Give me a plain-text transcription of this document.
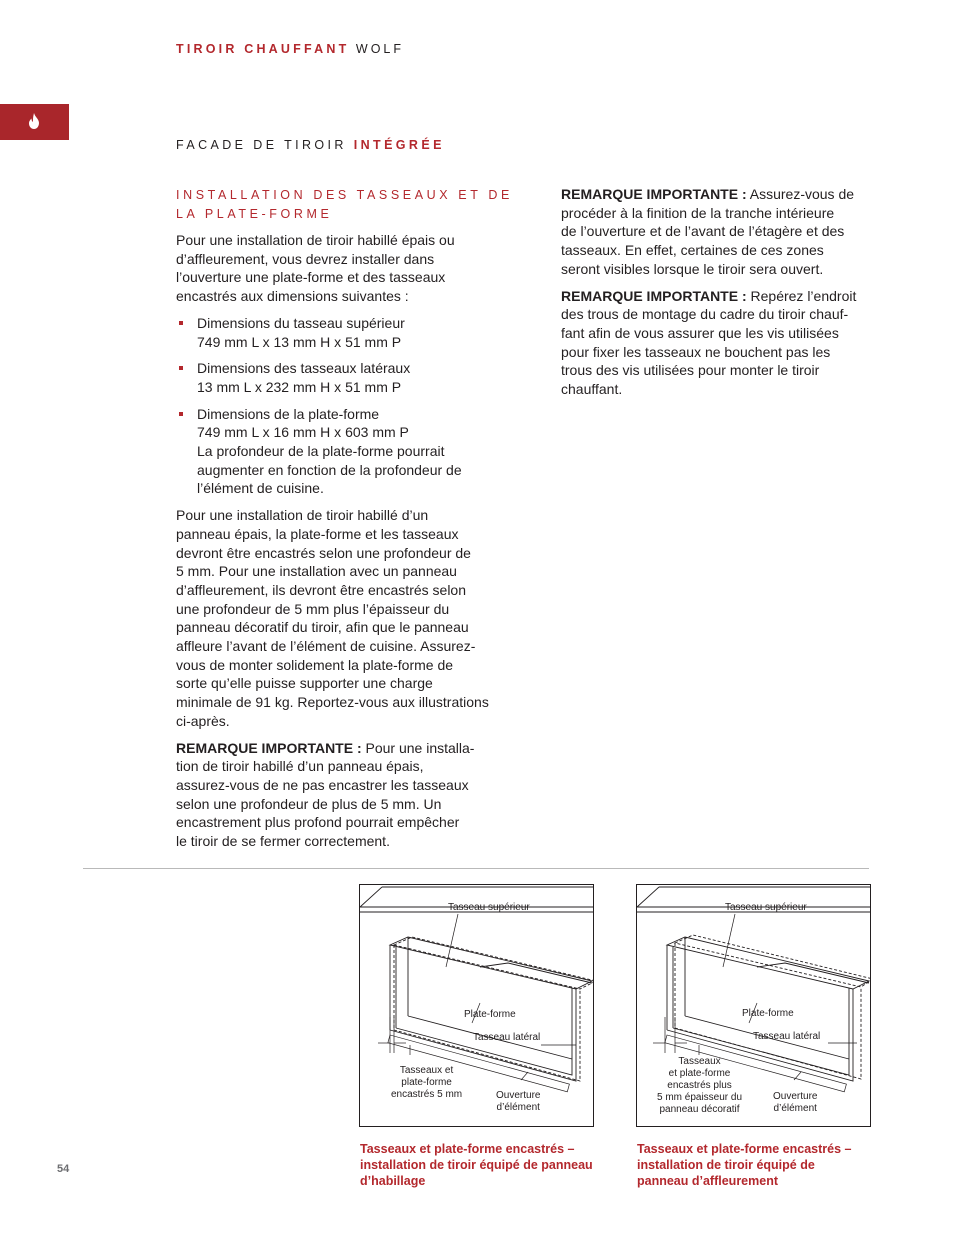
TIROIR CHAUFFANT WOLF
FACADE DE TIROIR INTÉGRÉE
INSTALLATION DES TASSEAUX ET DE
LA PLATE-FORME

Pour une installation de tiroir habillé épais ou
d’affleurement, vous devrez installer dans
l’ouverture une plate-forme et des tasseaux
encastrés aux dimensions suivantes :

Dimensions du tasseau supérieur
749 mm L x 13 mm H x 51 mm P
Dimensions des tasseaux latéraux
13 mm L x 232 mm H x 51 mm P
Dimensions de la plate-forme
749 mm L x 16 mm H x 603 mm P
La profondeur de la plate-forme pourrait
augmenter en fonction de la profondeur de
l’élément de cuisine.

Pour une installation de tiroir habillé d’un
panneau épais, la plate-forme et les tasseaux
devront être encastrés selon une profondeur de
5 mm. Pour une installation avec un panneau
d’affleurement, ils devront être encastrés selon
une profondeur de 5 mm plus l’épaisseur du
panneau décoratif du tiroir, afin que le panneau
affleure l’avant de l’élément de cuisine. Assurez-
vous de monter solidement la plate-forme de
sorte qu’elle puisse supporter une charge
minimale de 91 kg. Reportez-vous aux illustrations
ci-après.

REMARQUE IMPORTANTE : Pour une installa-
tion de tiroir habillé d’un panneau épais,
assurez-vous de ne pas encastrer les tasseaux
selon une profondeur de plus de 5 mm. Un
encastrement plus profond pourrait empêcher
le tiroir de se fermer correctement.

REMARQUE IMPORTANTE : Assurez-vous de
procéder à la finition de la tranche intérieure
de l’ouverture et de l’avant de l’étagère et des
tasseaux. En effet, certaines de ces zones
seront visibles lorsque le tiroir sera ouvert.

REMARQUE IMPORTANTE : Repérez l’endroit
des trous de montage du cadre du tiroir chauf-
fant afin de vous assurer que les vis utilisées
pour fixer les tasseaux ne bouchent pas les
trous des vis utilisées pour monter le tiroir
chauffant.

Tasseau supérieur
Plate-forme
Tasseau latéral
Tasseaux et
plate-forme
encastrés 5 mm	Ouverture
d’élément
Tasseau supérieur
Plate-forme
Tasseau latéral
Tasseaux
et plate-forme
encastrés plus
5 mm épaisseur du
panneau décoratif
Ouverture
d’élément
Tasseaux et plate-forme encastrés –
installation de tiroir équipé de panneau
d’habillage
Tasseaux et plate-forme encastrés –
installation de tiroir équipé de
panneau d’affleurement
54
